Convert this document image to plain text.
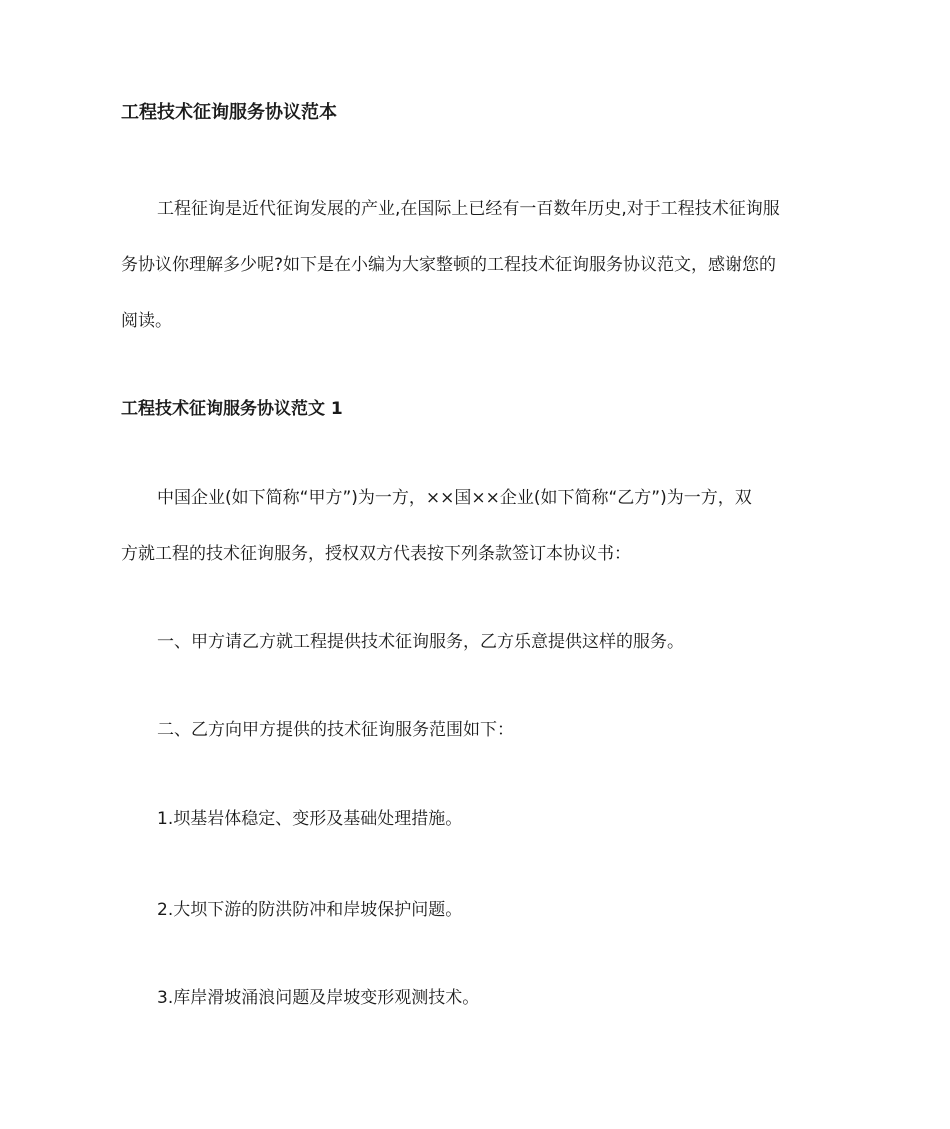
工程技术征询服务协议范本
工程征询是近代征询发展的产业,在国际上已经有一百数年历史,对于工程技术征询服
务协议你理解多少呢?如下是在小编为大家整顿的工程技术征询服务协议范文，感谢您的
阅读。
工程技术征询服务协议范文 1
中国企业(如下简称“甲方”)为一方，××国××企业(如下简称“乙方”)为一方，双
方就工程的技术征询服务，授权双方代表按下列条款签订本协议书：
一、甲方请乙方就工程提供技术征询服务，乙方乐意提供这样的服务。
二、乙方向甲方提供的技术征询服务范围如下：
1.坝基岩体稳定、变形及基础处理措施。
2.大坝下游的防洪防冲和岸坡保护问题。
3.库岸滑坡涌浪问题及岸坡变形观测技术。
